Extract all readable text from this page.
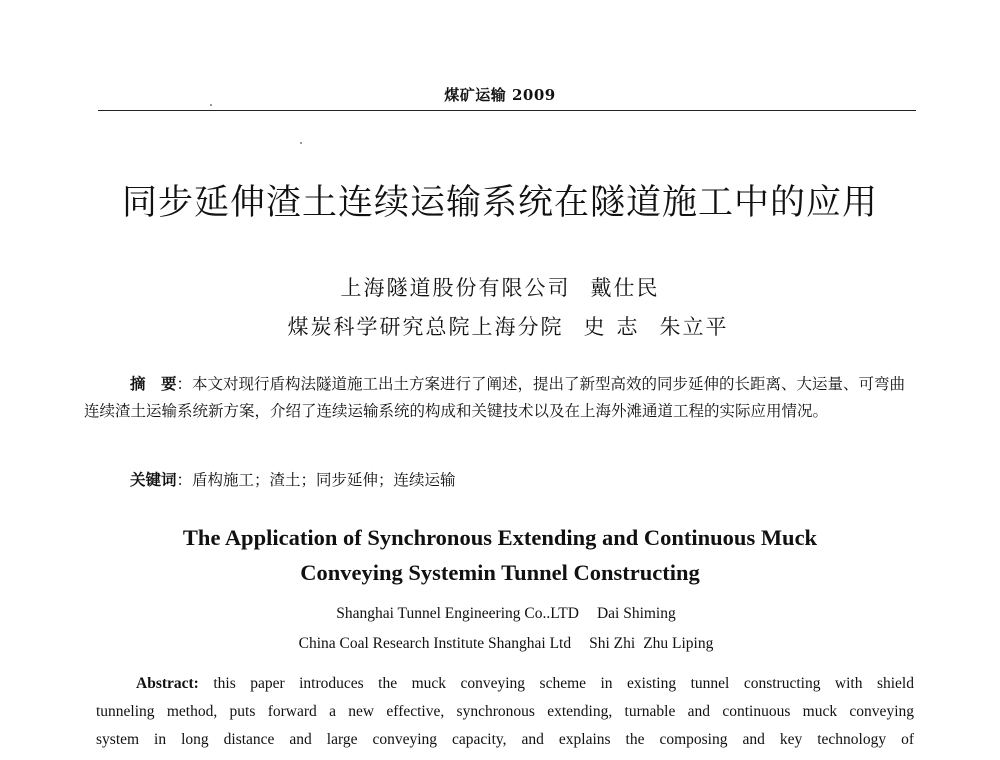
煤矿运输 2009
同步延伸渣土连续运输系统在隧道施工中的应用
上海隧道股份有限公司 戴仕民
煤炭科学研究总院上海分院 史 志 朱立平
摘　要：本文对现行盾构法隧道施工出土方案进行了阐述，提出了新型高效的同步延伸的长距离、大运量、可弯曲连续渣土运输系统新方案，介绍了连续运输系统的构成和关键技术以及在上海外滩通道工程的实际应用情况。
关键词：盾构施工；渣土；同步延伸；连续运输
The Application of Synchronous Extending and Continuous Muck
Conveying Systemin Tunnel Constructing
Shanghai Tunnel Engineering Co..LTD Dai Shiming
China Coal Research Institute Shanghai Ltd Shi Zhi Zhu Liping
Abstract: this paper introduces the muck conveying scheme in existing tunnel constructing with shield
tunneling method, puts forward a new effective, synchronous extending, turnable and continuous muck conveying
system in long distance and large conveying capacity, and explains the composing and key technology of
